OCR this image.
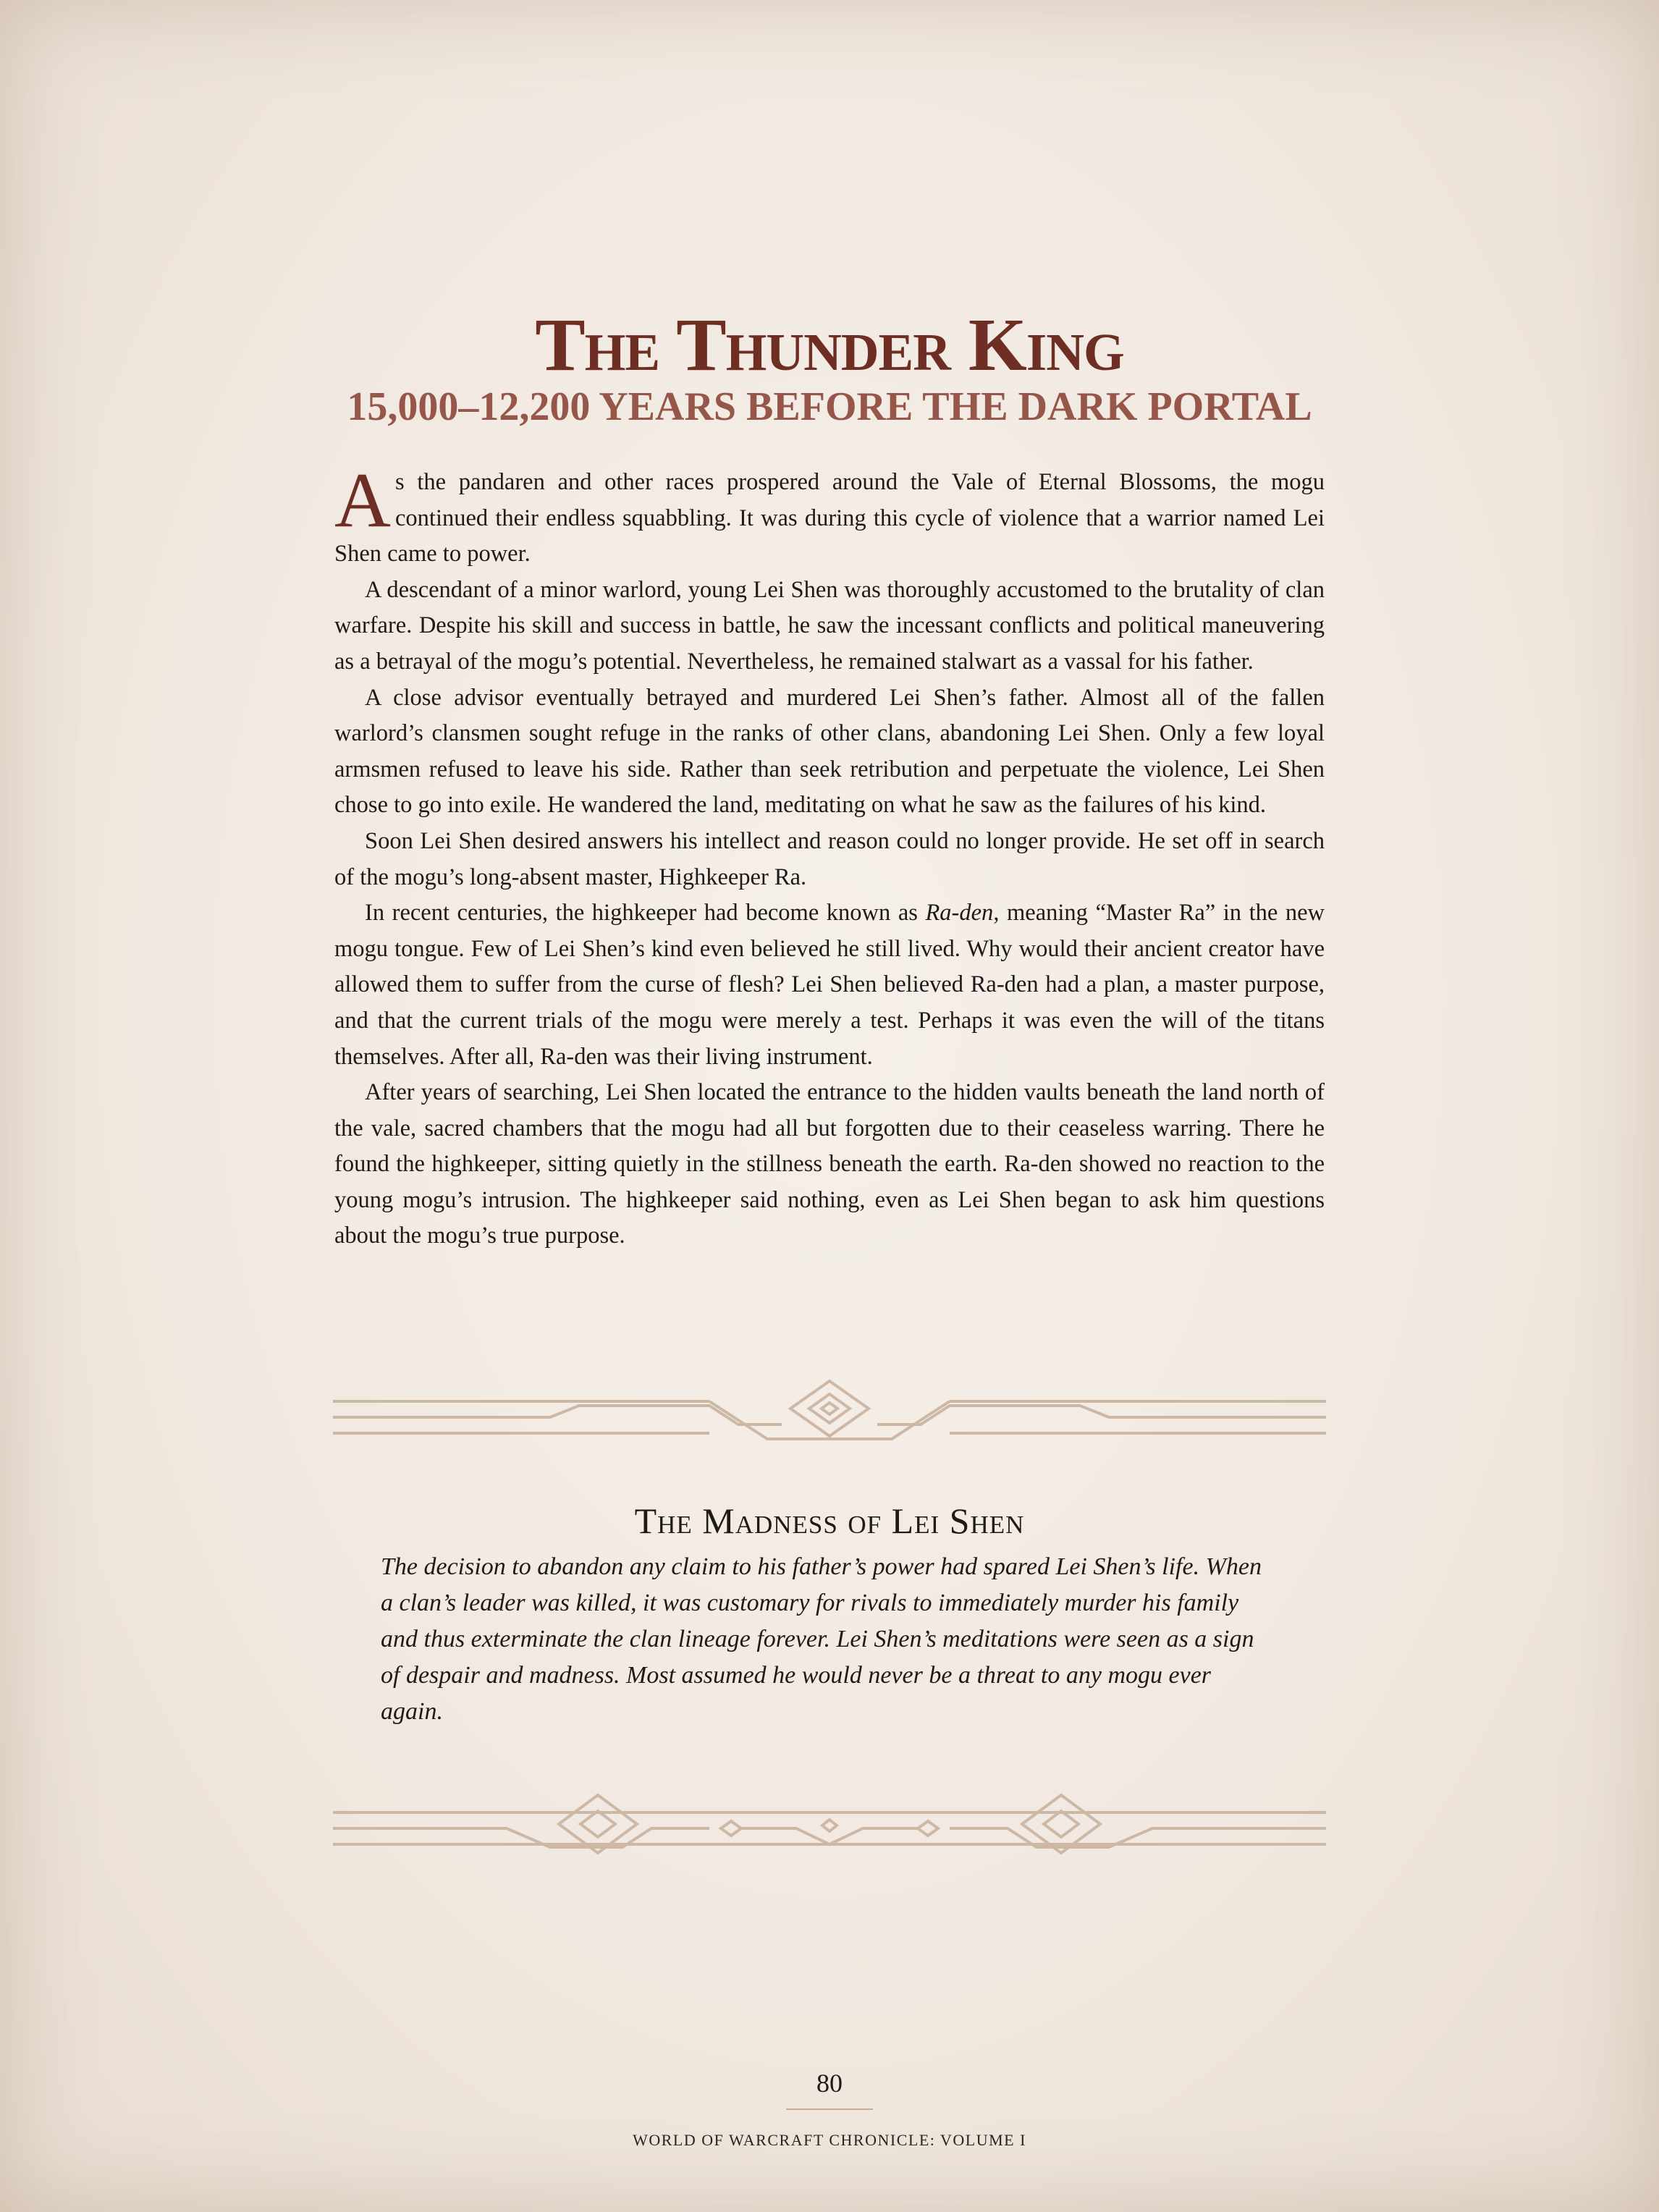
The Thunder King
15,000–12,200 YEARS BEFORE THE DARK PORTAL

As the pandaren and other races prospered around the Vale of Eternal Blossoms, the mogu continued their endless squabbling. It was during this cycle of violence that a warrior named Lei Shen came to power.

A descendant of a minor warlord, young Lei Shen was thoroughly accustomed to the brutality of clan warfare. Despite his skill and success in battle, he saw the incessant conflicts and political maneuvering as a betrayal of the mogu’s potential. Nevertheless, he remained stalwart as a vassal for his father.

A close advisor eventually betrayed and murdered Lei Shen’s father. Almost all of the fallen warlord’s clansmen sought refuge in the ranks of other clans, abandoning Lei Shen. Only a few loyal armsmen refused to leave his side. Rather than seek retribution and perpetuate the violence, Lei Shen chose to go into exile. He wandered the land, meditating on what he saw as the failures of his kind.

Soon Lei Shen desired answers his intellect and reason could no longer provide. He set off in search of the mogu’s long-absent master, Highkeeper Ra.

In recent centuries, the highkeeper had become known as Ra-den, meaning “Master Ra” in the new mogu tongue. Few of Lei Shen’s kind even believed he still lived. Why would their ancient creator have allowed them to suffer from the curse of flesh? Lei Shen believed Ra-den had a plan, a master purpose, and that the current trials of the mogu were merely a test. Perhaps it was even the will of the titans themselves. After all, Ra-den was their living instrument.

After years of searching, Lei Shen located the entrance to the hidden vaults beneath the land north of the vale, sacred chambers that the mogu had all but forgotten due to their ceaseless warring. There he found the highkeeper, sitting quietly in the stillness beneath the earth. Ra-den showed no reaction to the young mogu’s intrusion. The highkeeper said nothing, even as Lei Shen began to ask him questions about the mogu’s true purpose.

The Madness of Lei Shen

The decision to abandon any claim to his father’s power had spared Lei Shen’s life. When a clan’s leader was killed, it was customary for rivals to immediately murder his family and thus exterminate the clan lineage forever. Lei Shen’s meditations were seen as a sign of despair and madness. Most assumed he would never be a threat to any mogu ever again.

80
WORLD OF WARCRAFT CHRONICLE: VOLUME I
